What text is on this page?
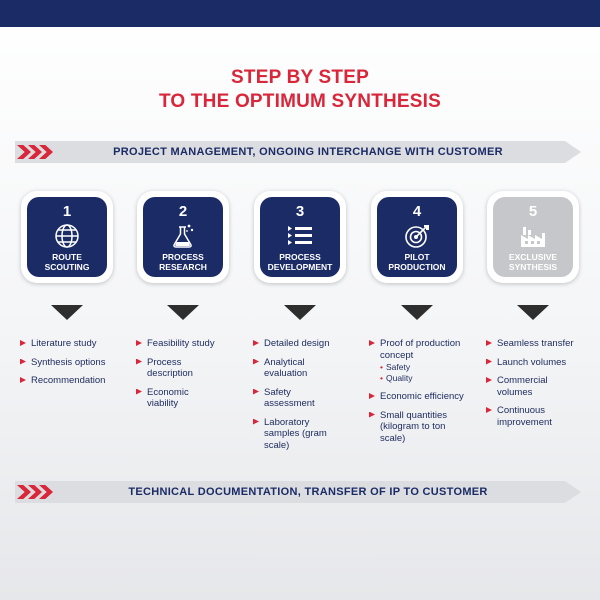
STEP BY STEP
TO THE OPTIMUM SYNTHESIS
PROJECT MANAGEMENT, ONGOING INTERCHANGE WITH CUSTOMER
1
ROUTE
SCOUTING
2
PROCESS
RESEARCH
3
PROCESS
DEVELOPMENT
4
PILOT
PRODUCTION
5
EXCLUSIVE
SYNTHESIS
Literature study
Synthesis options
Recommendation
Feasibility study
Process description
Economic viability
Detailed design
Analytical evaluation
Safety assessment
Laboratory samples (gram scale)
Proof of production concept
• Safety
• Quality
Economic efficiency
Small quantities (kilogram to ton scale)
Seamless transfer
Launch volumes
Commercial volumes
Continuous improvement
TECHNICAL DOCUMENTATION, TRANSFER OF IP TO CUSTOMER
